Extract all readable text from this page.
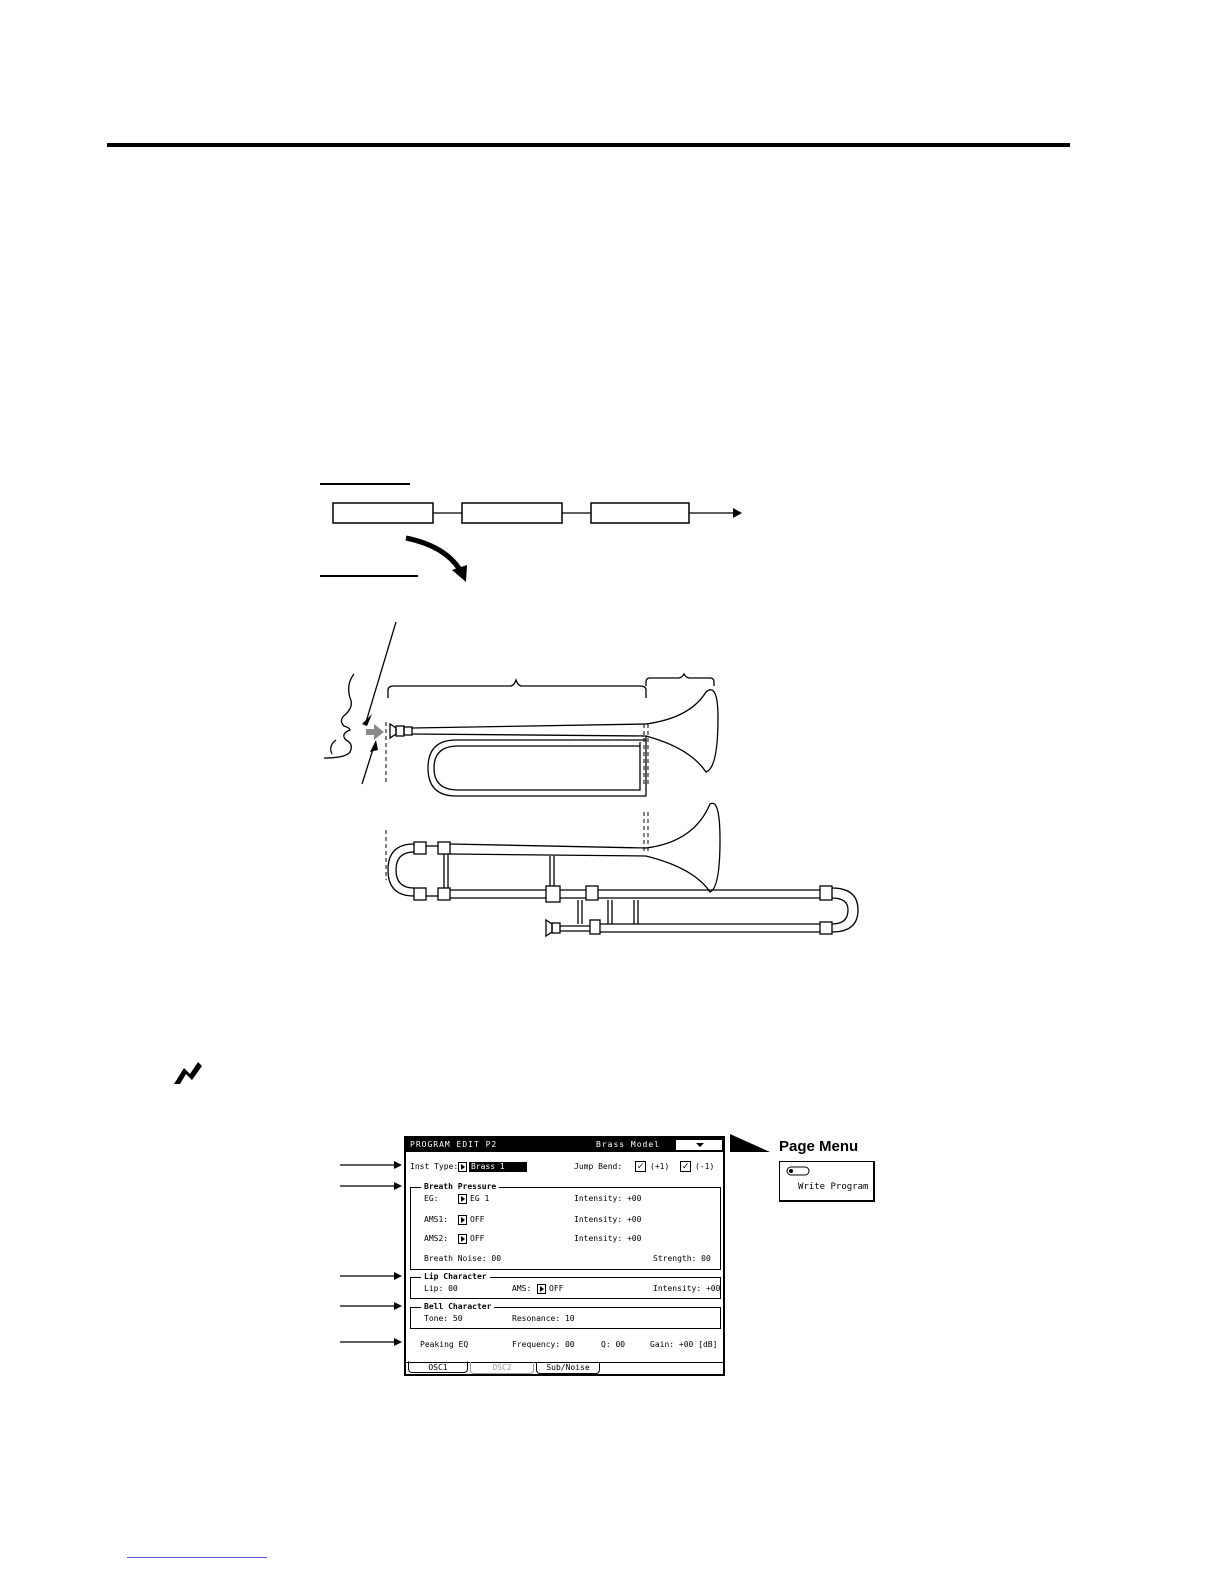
PROGRAM EDIT P2	Brass Model
Inst Type: Brass 1	Jump Bend: ✓ (+1) ✓ (-1)
Breath Pressure
EG:	EG 1	Intensity: +00
AMS1:	OFF	Intensity: +00
AMS2:	OFF	Intensity: +00
Breath Noise: 00	Strength: 00
Lip Character
Lip: 00	AMS: OFF	Intensity: +00
Bell Character
Tone: 50	Resonance: 10
Peaking EQ	Frequency: 00	Q: 00	Gain: +00 [dB]
OSC1	OSC2	Sub/Noise
Page Menu
Write Program
